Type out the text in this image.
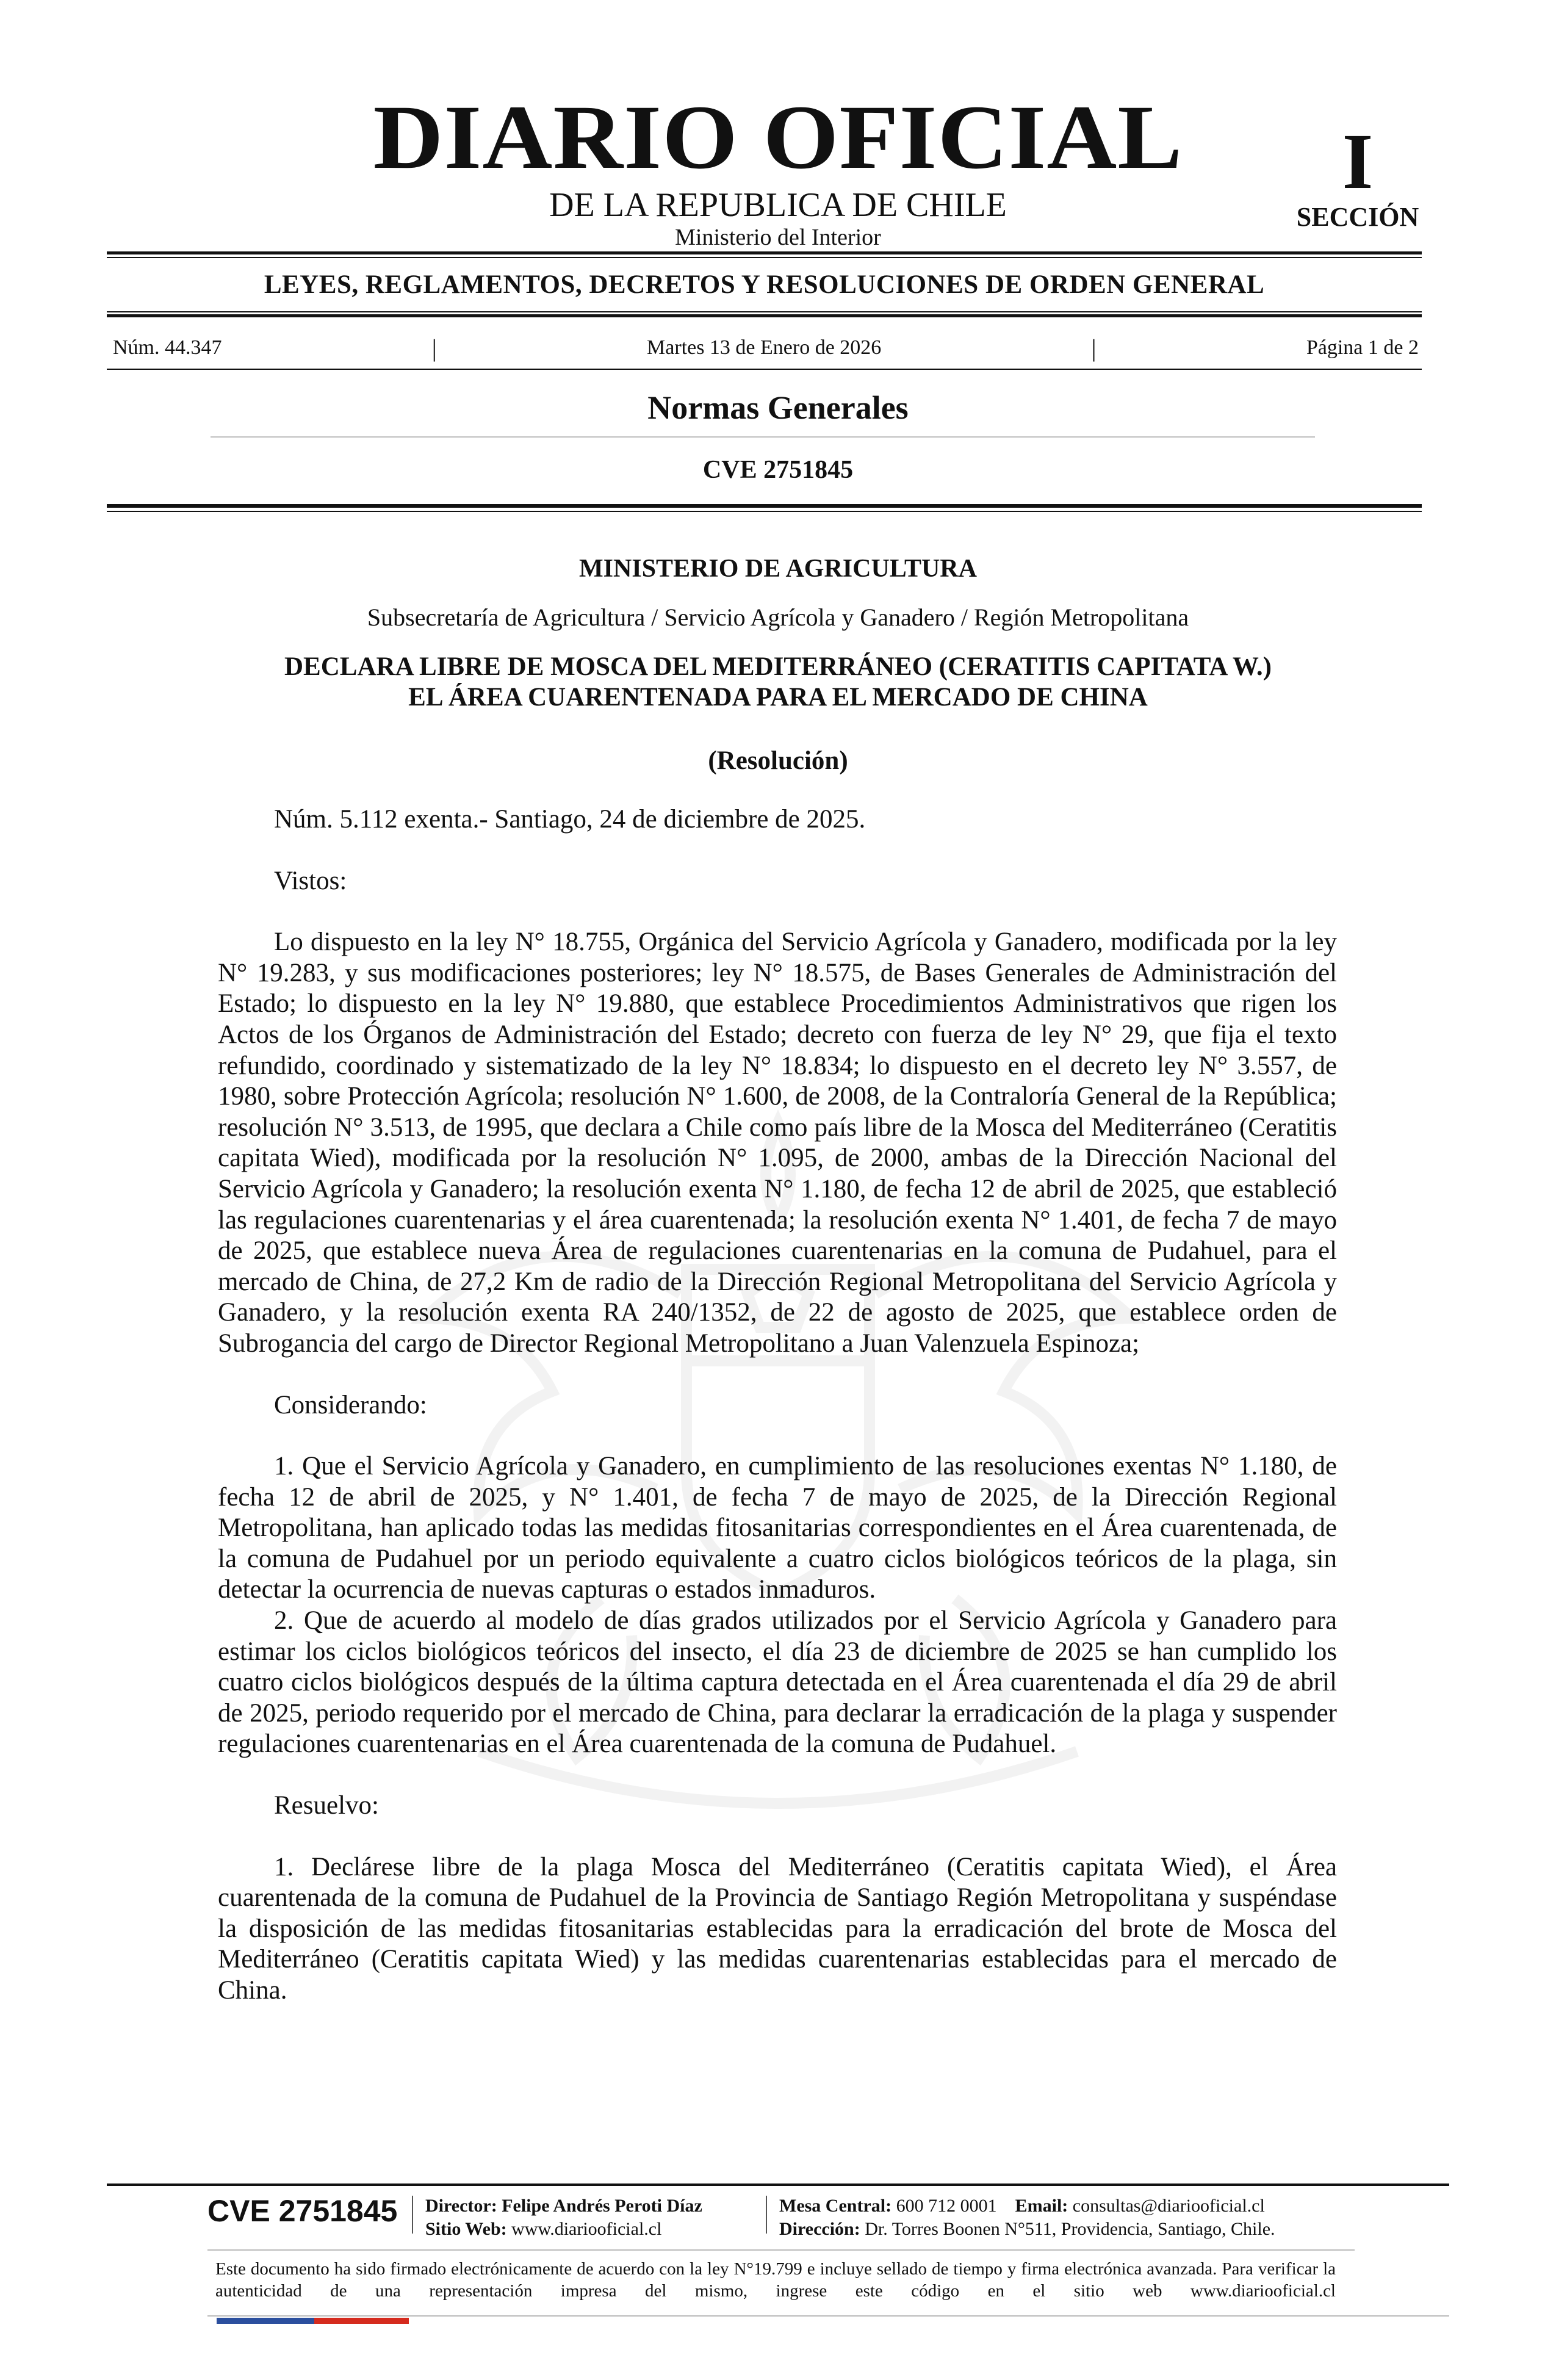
DIARIO OFICIAL
DE LA REPUBLICA DE CHILE
Ministerio del Interior
I
SECCIÓN
LEYES, REGLAMENTOS, DECRETOS Y RESOLUCIONES DE ORDEN GENERAL
Núm. 44.347	|	Martes 13 de Enero de 2026	|	Página 1 de 2
Normas Generales
CVE 2751845
MINISTERIO DE AGRICULTURA
Subsecretaría de Agricultura / Servicio Agrícola y Ganadero / Región Metropolitana
DECLARA LIBRE DE MOSCA DEL MEDITERRÁNEO (CERATITIS CAPITATA W.)
EL ÁREA CUARENTENADA PARA EL MERCADO DE CHINA
(Resolución)

Núm. 5.112 exenta.- Santiago, 24 de diciembre de 2025.

Vistos:

Lo dispuesto en la ley N° 18.755, Orgánica del Servicio Agrícola y Ganadero, modificada por la ley N° 19.283, y sus modificaciones posteriores; ley N° 18.575, de Bases Generales de Administración del Estado; lo dispuesto en la ley N° 19.880, que establece Procedimientos Administrativos que rigen los Actos de los Órganos de Administración del Estado; decreto con fuerza de ley N° 29, que fija el texto refundido, coordinado y sistematizado de la ley N° 18.834; lo dispuesto en el decreto ley N° 3.557, de 1980, sobre Protección Agrícola; resolución N° 1.600, de 2008, de la Contraloría General de la República; resolución N° 3.513, de 1995, que declara a Chile como país libre de la Mosca del Mediterráneo (Ceratitis capitata Wied), modificada por la resolución N° 1.095, de 2000, ambas de la Dirección Nacional del Servicio Agrícola y Ganadero; la resolución exenta N° 1.180, de fecha 12 de abril de 2025, que estableció las regulaciones cuarentenarias y el área cuarentenada; la resolución exenta N° 1.401, de fecha 7 de mayo de 2025, que establece nueva Área de regulaciones cuarentenarias en la comuna de Pudahuel, para el mercado de China, de 27,2 Km de radio de la Dirección Regional Metropolitana del Servicio Agrícola y Ganadero, y la resolución exenta RA 240/1352, de 22 de agosto de 2025, que establece orden de Subrogancia del cargo de Director Regional Metropolitano a Juan Valenzuela Espinoza;

Considerando:

1. Que el Servicio Agrícola y Ganadero, en cumplimiento de las resoluciones exentas N° 1.180, de fecha 12 de abril de 2025, y N° 1.401, de fecha 7 de mayo de 2025, de la Dirección Regional Metropolitana, han aplicado todas las medidas fitosanitarias correspondientes en el Área cuarentenada, de la comuna de Pudahuel por un periodo equivalente a cuatro ciclos biológicos teóricos de la plaga, sin detectar la ocurrencia de nuevas capturas o estados inmaduros.

2. Que de acuerdo al modelo de días grados utilizados por el Servicio Agrícola y Ganadero para estimar los ciclos biológicos teóricos del insecto, el día 23 de diciembre de 2025 se han cumplido los cuatro ciclos biológicos después de la última captura detectada en el Área cuarentenada el día 29 de abril de 2025, periodo requerido por el mercado de China, para declarar la erradicación de la plaga y suspender regulaciones cuarentenarias en el Área cuarentenada de la comuna de Pudahuel.

Resuelvo:

1. Declárese libre de la plaga Mosca del Mediterráneo (Ceratitis capitata Wied), el Área cuarentenada de la comuna de Pudahuel de la Provincia de Santiago Región Metropolitana y suspéndase la disposición de las medidas fitosanitarias establecidas para la erradicación del brote de Mosca del Mediterráneo (Ceratitis capitata Wied) y las medidas cuarentenarias establecidas para el mercado de China.

CVE 2751845 Director: Felipe Andrés Peroti Díaz
Sitio Web: www.diariooficial.cl
Mesa Central: 600 712 0001 Email: consultas@diariooficial.cl
Dirección: Dr. Torres Boonen N°511, Providencia, Santiago, Chile.
Este documento ha sido firmado electrónicamente de acuerdo con la ley N°19.799 e incluye sellado de tiempo y firma electrónica avanzada. Para verificar la autenticidad de una representación impresa del mismo, ingrese este código en el sitio web www.diariooficial.cl
